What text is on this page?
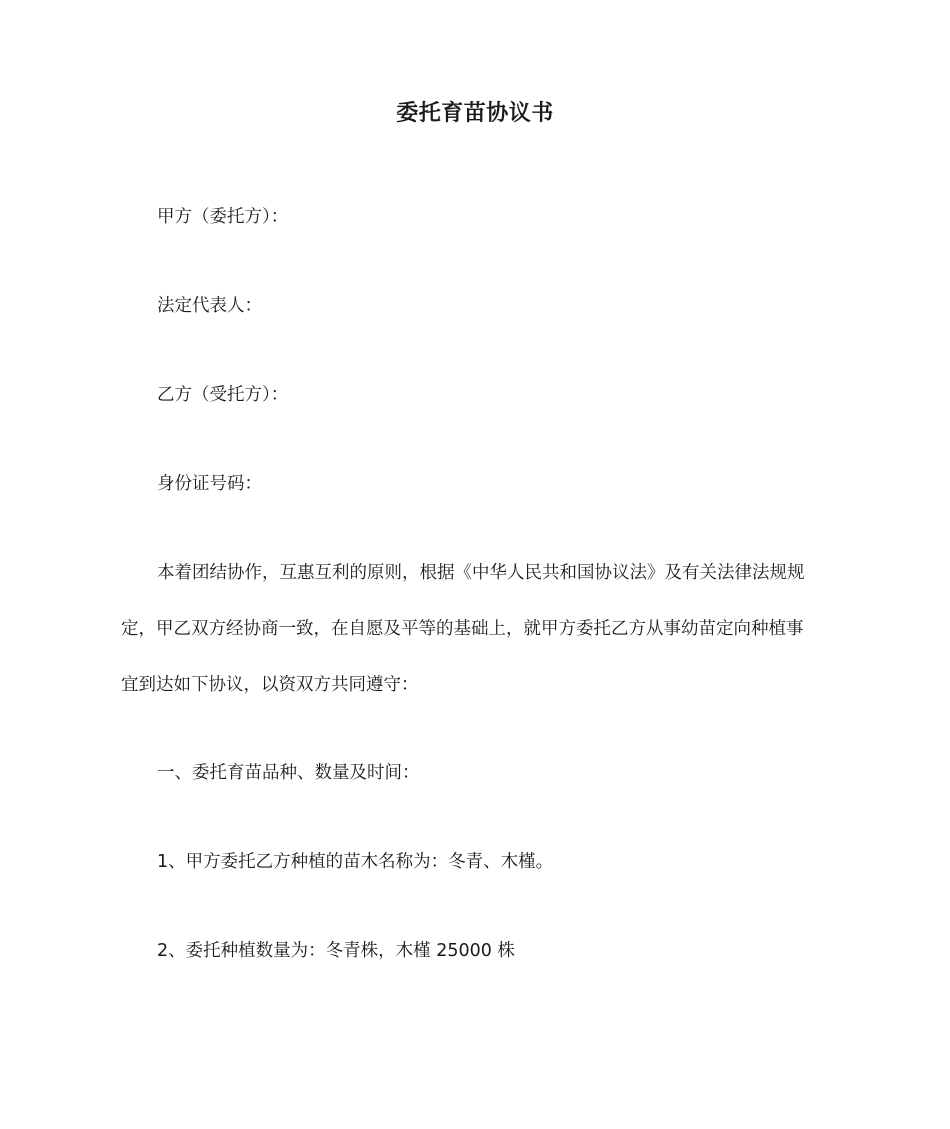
委托育苗协议书
甲方（委托方）：
法定代表人：
乙方（受托方）：
身份证号码：
本着团结协作，互惠互利的原则，根据《中华人民共和国协议法》及有关法律法规规
定，甲乙双方经协商一致，在自愿及平等的基础上，就甲方委托乙方从事幼苗定向种植事
宜到达如下协议，以资双方共同遵守：
一、委托育苗品种、数量及时间：
1、甲方委托乙方种植的苗木名称为：冬青、木槿。
2、委托种植数量为：冬青株，木槿 25000 株
